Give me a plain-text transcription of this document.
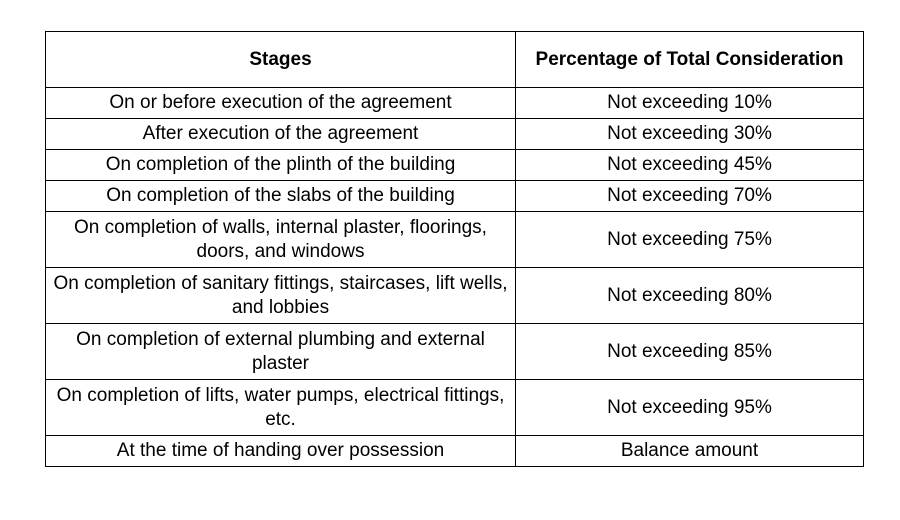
Stages	Percentage of Total Consideration
On or before execution of the agreement	Not exceeding 10%
After execution of the agreement	Not exceeding 30%
On completion of the plinth of the building	Not exceeding 45%
On completion of the slabs of the building	Not exceeding 70%
On completion of walls, internal plaster, floorings, doors, and windows	Not exceeding 75%
On completion of sanitary fittings, staircases, lift wells, and lobbies	Not exceeding 80%
On completion of external plumbing and external plaster	Not exceeding 85%
On completion of lifts, water pumps, electrical fittings, etc.	Not exceeding 95%
At the time of handing over possession	Balance amount
